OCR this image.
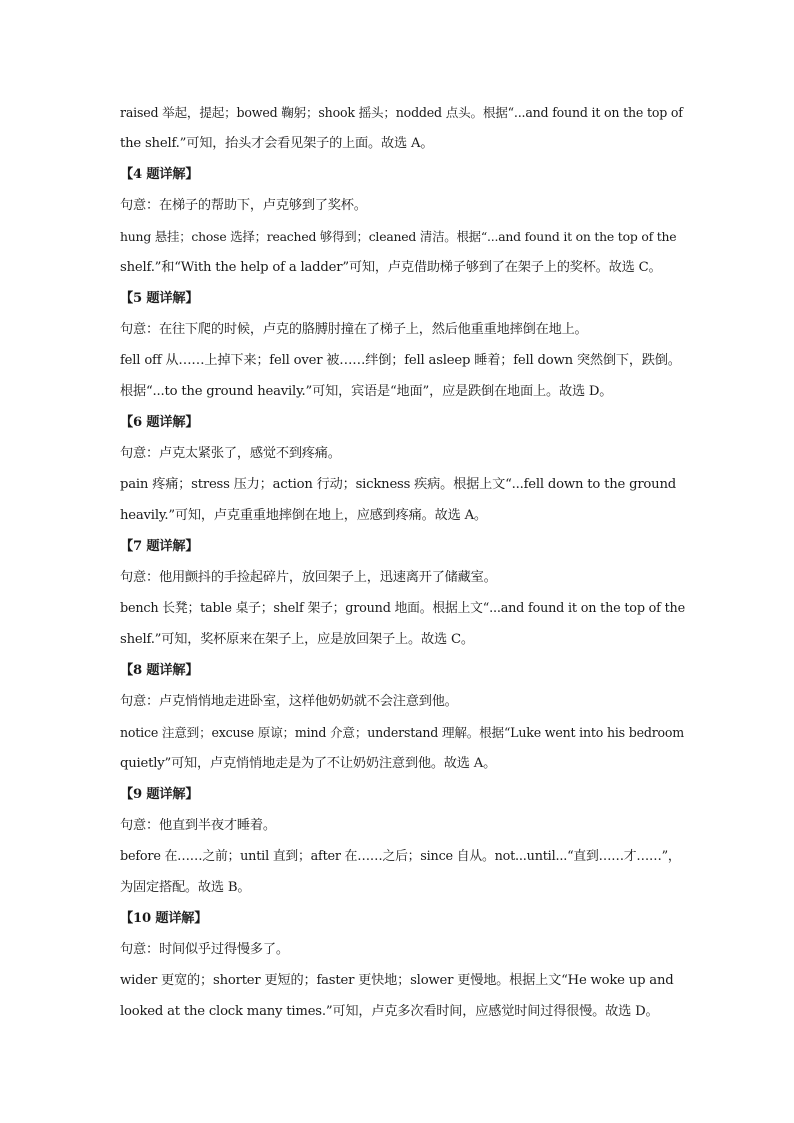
raised 举起，提起；bowed 鞠躬；shook 摇头；nodded 点头。根据“...and found it on the top of
the shelf.”可知，抬头才会看见架子的上面。故选 A。
【4 题详解】
句意：在梯子的帮助下，卢克够到了奖杯。
hung 悬挂；chose 选择；reached 够得到；cleaned 清洁。根据“...and found it on the top of the
shelf.”和“With the help of a ladder”可知，卢克借助梯子够到了在架子上的奖杯。故选 C。
【5 题详解】
句意：在往下爬的时候，卢克的胳膊肘撞在了梯子上，然后他重重地摔倒在地上。
fell off 从……上掉下来；fell over 被……绊倒；fell asleep 睡着；fell down 突然倒下，跌倒。
根据“...to the ground heavily.”可知，宾语是“地面”，应是跌倒在地面上。故选 D。
【6 题详解】
句意：卢克太紧张了，感觉不到疼痛。
pain 疼痛；stress 压力；action 行动；sickness 疾病。根据上文“...fell down to the ground
heavily.”可知，卢克重重地摔倒在地上，应感到疼痛。故选 A。
【7 题详解】
句意：他用颤抖的手捡起碎片，放回架子上，迅速离开了储藏室。
bench 长凳；table 桌子；shelf 架子；ground 地面。根据上文“...and found it on the top of the
shelf.”可知，奖杯原来在架子上，应是放回架子上。故选 C。
【8 题详解】
句意：卢克悄悄地走进卧室，这样他奶奶就不会注意到他。
notice 注意到；excuse 原谅；mind 介意；understand 理解。根据“Luke went into his bedroom
quietly”可知，卢克悄悄地走是为了不让奶奶注意到他。故选 A。
【9 题详解】
句意：他直到半夜才睡着。
before 在……之前；until 直到；after 在……之后；since 自从。not...until...“直到……才……”，
为固定搭配。故选 B。
【10 题详解】
句意：时间似乎过得慢多了。
wider 更宽的；shorter 更短的；faster 更快地；slower 更慢地。根据上文“He woke up and
looked at the clock many times.”可知，卢克多次看时间，应感觉时间过得很慢。故选 D。
